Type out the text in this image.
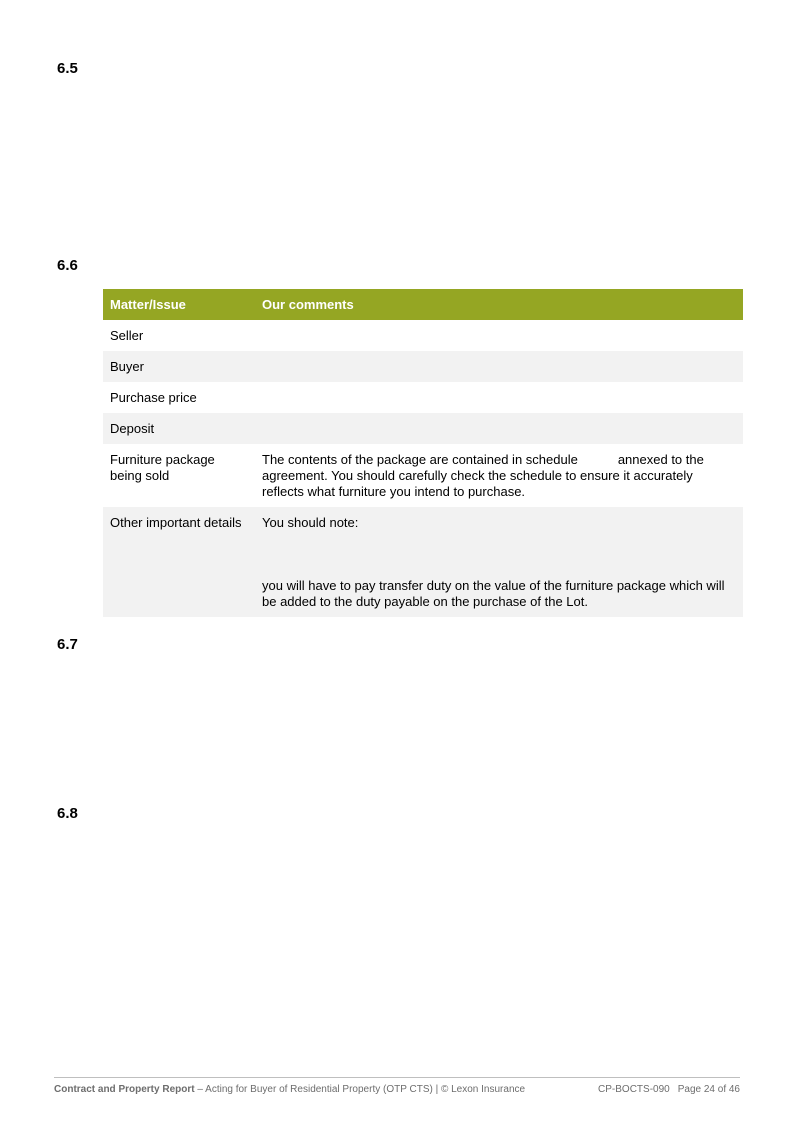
6.5
6.6
Matter/Issue	Our comments
Seller	
Buyer	
Purchase price	
Deposit	
Furniture package being sold	The contents of the package are contained in schedule annexed to the agreement. You should carefully check the schedule to ensure it accurately reflects what furniture you intend to purchase.
Other important details	You should note:
you will have to pay transfer duty on the value of the furniture package which will be added to the duty payable on the purchase of the Lot.
6.7
6.8
Contract and Property Report – Acting for Buyer of Residential Property (OTP CTS) | © Lexon Insurance	CP-BOCTS-090 Page 24 of 46
